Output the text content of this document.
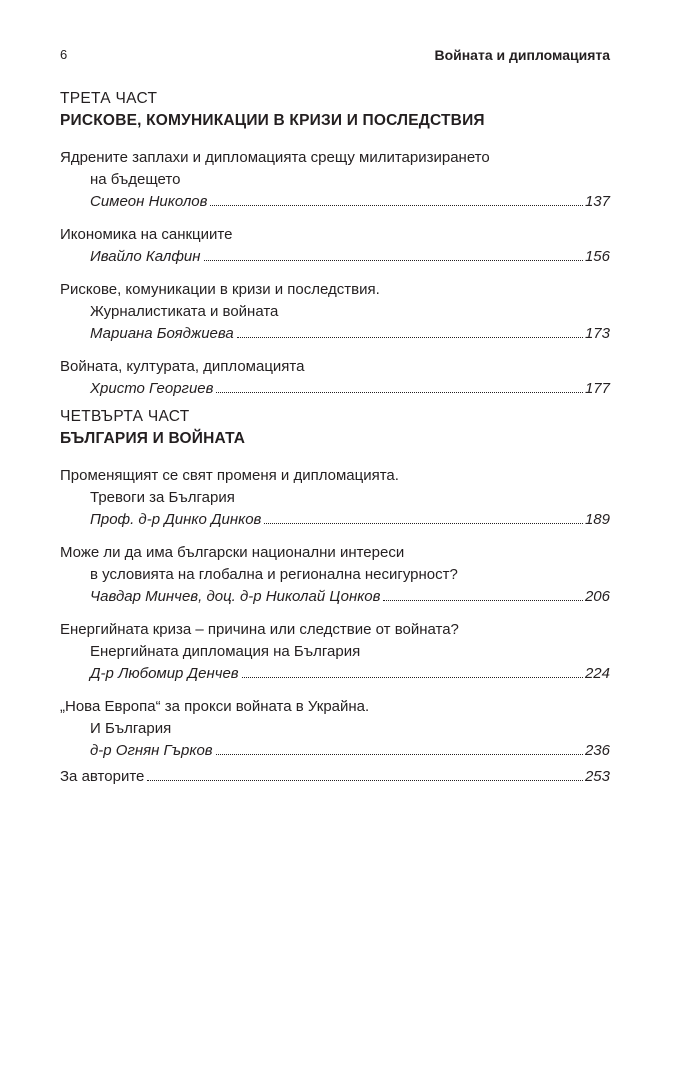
6	Войната и дипломацията
ТРЕТА ЧАСТ
РИСКОВЕ, КОМУНИКАЦИИ В КРИЗИ И ПОСЛЕДСТВИЯ
Ядрените заплахи и дипломацията срещу милитаризирането
на бъдещето
Симеон Николов	137
Икономика на санкциите
Ивайло Калфин	156
Рискове, комуникации в кризи и последствия.
Журналистиката и войната
Мариана Бояджиева	173
Войната, културата, дипломацията
Христо Георгиев	177
ЧЕТВЪРТА ЧАСТ
БЪЛГАРИЯ И ВОЙНАТА
Променящият се свят променя и дипломацията.
Тревоги за България
Проф. д-р Динко Динков	189
Може ли да има български национални интереси
в условията на глобална и регионална несигурност?
Чавдар Минчев, доц. д-р Николай Цонков	206
Енергийната криза – причина или следствие от войната?
Енергийната дипломация на България
Д-р Любомир Денчев	224
„Нова Европа“ за прокси войната в Украйна.
И България
д-р Огнян Гърков	236
За авторите	253
